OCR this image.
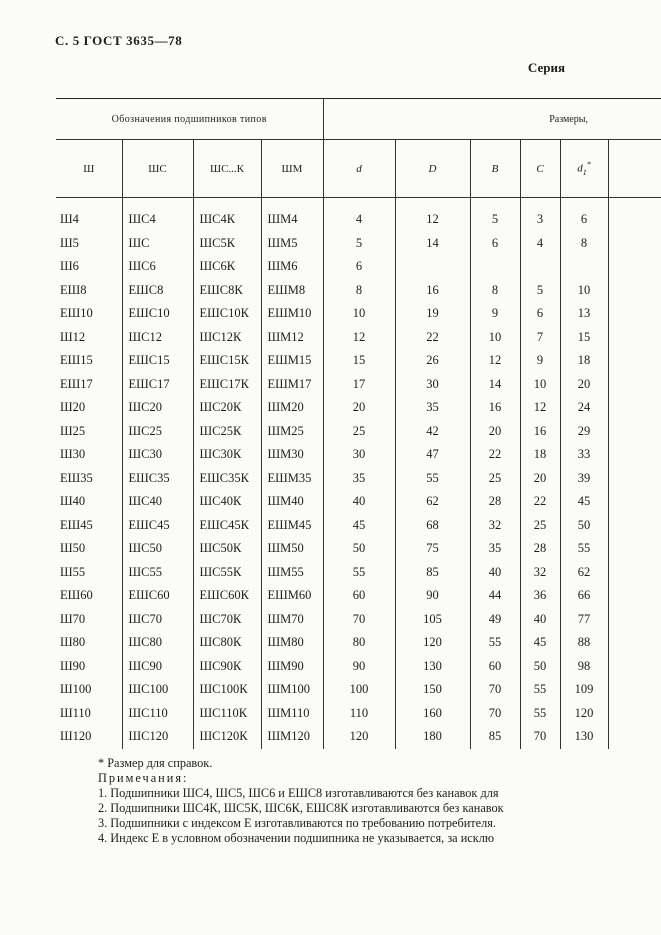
С. 5 ГОСТ 3635—78
Серия

Обозначения подшипников типов				Размеры,					
Ш	ШС	ШС...К	ШМ	d	D	B	C	$d_1^*$	
Ш4	ШС4	ШС4К	ШМ4	4	12	5	3	6	
Ш5	ШС	ШС5К	ШМ5	5	14	6	4	8	
Ш6	ШС6	ШС6К	ШМ6	6					
ЕШ8	ЕШС8	ЕШС8К	ЕШМ8	8	16	8	5	10	
ЕШ10	ЕШС10	ЕШС10К	ЕШМ10	10	19	9	6	13	
Ш12	ШС12	ШС12К	ШМ12	12	22	10	7	15	
ЕШ15	ЕШС15	ЕШС15К	ЕШМ15	15	26	12	9	18	
ЕШ17	ЕШС17	ЕШС17К	ЕШМ17	17	30	14	10	20	
Ш20	ШС20	ШС20К	ШМ20	20	35	16	12	24	
Ш25	ШС25	ШС25К	ШМ25	25	42	20	16	29	
Ш30	ШС30	ШС30К	ШМ30	30	47	22	18	33	
ЕШ35	ЕШС35	ЕШС35К	ЕШМ35	35	55	25	20	39	
Ш40	ШС40	ШС40К	ШМ40	40	62	28	22	45	
ЕШ45	ЕШС45	ЕШС45К	ЕШМ45	45	68	32	25	50	
Ш50	ШС50	ШС50К	ШМ50	50	75	35	28	55	
Ш55	ШС55	ШС55К	ШМ55	55	85	40	32	62	
ЕШ60	ЕШС60	ЕШС60К	ЕШМ60	60	90	44	36	66	
Ш70	ШС70	ШС70К	ШМ70	70	105	49	40	77	
Ш80	ШС80	ШС80К	ШМ80	80	120	55	45	88	
Ш90	ШС90	ШС90К	ШМ90	90	130	60	50	98	
Ш100	ШС100	ШС100К	ШМ100	100	150	70	55	109	
Ш110	ШС110	ШС110К	ШМ110	110	160	70	55	120	
Ш120	ШС120	ШС120К	ШМ120	120	180	85	70	130	
* Размер для справок.
Примечания:
1. Подшипники ШС4, ШС5, ШС6 и ЕШС8 изготавливаются без канавок для
2. Подшипники ШС4К, ШС5К, ШС6К, ЕШС8К изготавливаются без канавок
3. Подшипники с индексом Е изготавливаются по требованию потребителя.
4. Индекс Е в условном обозначении подшипника не указывается, за исклю
